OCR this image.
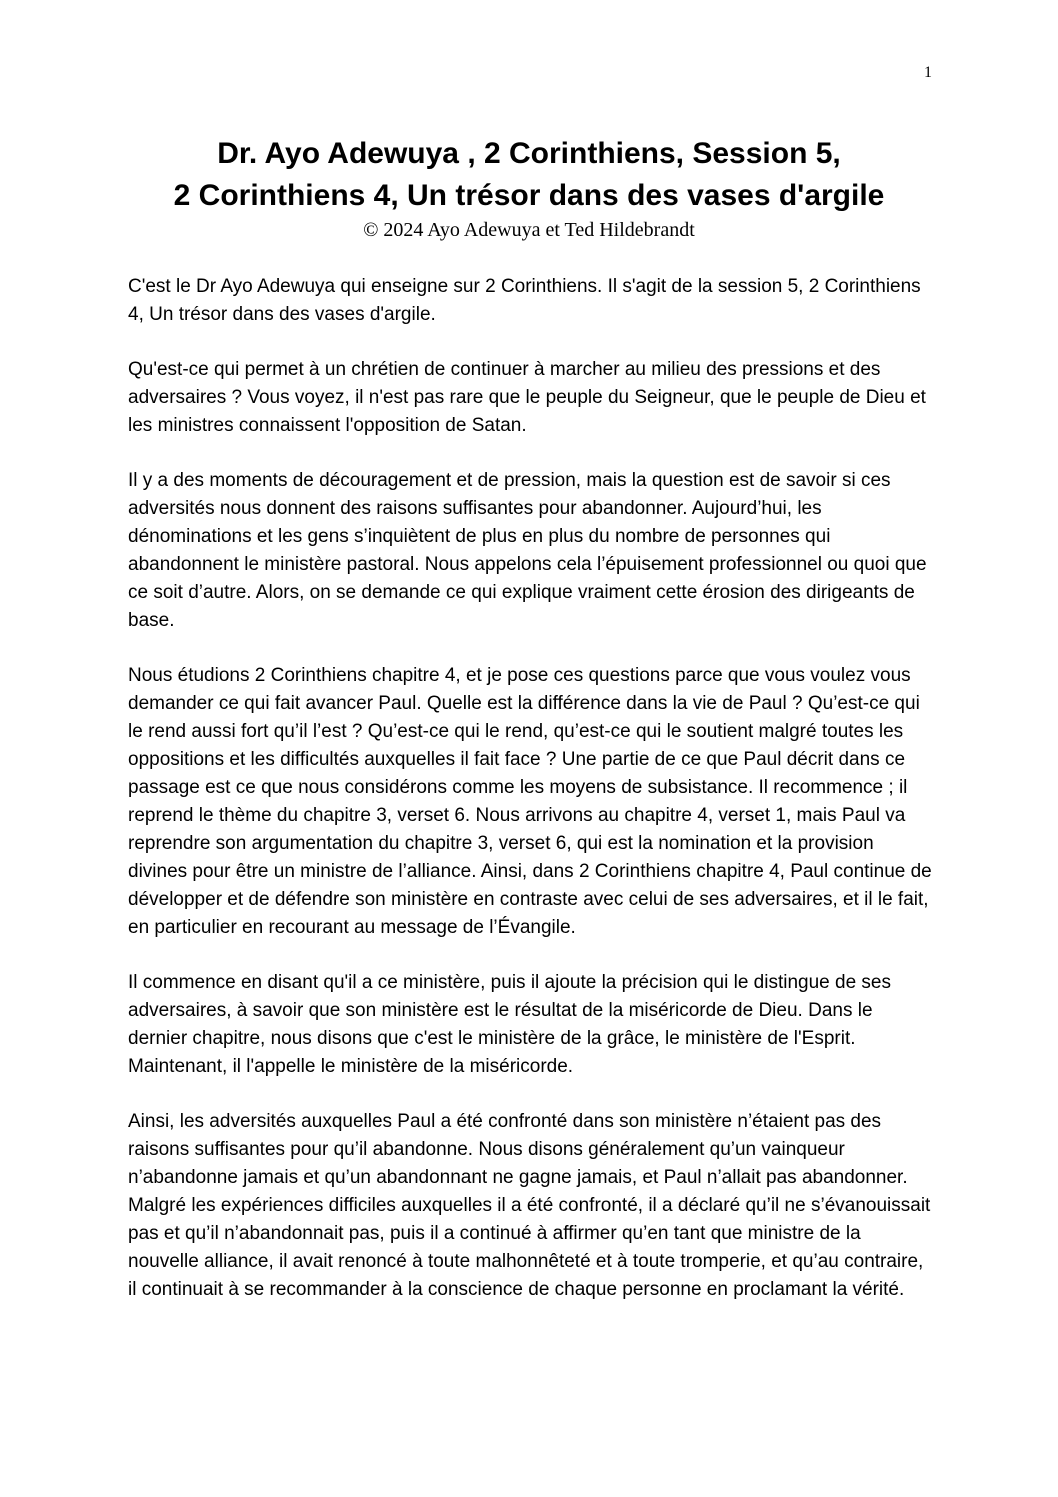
1
Dr. Ayo Adewuya , 2 Corinthiens, Session 5,
2 Corinthiens 4, Un trésor dans des vases d'argile

© 2024 Ayo Adewuya et Ted Hildebrandt

C'est le Dr Ayo Adewuya qui enseigne sur 2 Corinthiens. Il s'agit de la session 5, 2 Corinthiens 4, Un trésor dans des vases d'argile.

Qu'est-ce qui permet à un chrétien de continuer à marcher au milieu des pressions et des adversaires ? Vous voyez, il n'est pas rare que le peuple du Seigneur, que le peuple de Dieu et les ministres connaissent l'opposition de Satan.

Il y a des moments de découragement et de pression, mais la question est de savoir si ces adversités nous donnent des raisons suffisantes pour abandonner. Aujourd’hui, les dénominations et les gens s’inquiètent de plus en plus du nombre de personnes qui abandonnent le ministère pastoral. Nous appelons cela l’épuisement professionnel ou quoi que ce soit d’autre. Alors, on se demande ce qui explique vraiment cette érosion des dirigeants de base.

Nous étudions 2 Corinthiens chapitre 4, et je pose ces questions parce que vous voulez vous demander ce qui fait avancer Paul. Quelle est la différence dans la vie de Paul ? Qu’est-ce qui le rend aussi fort qu’il l’est ? Qu’est-ce qui le rend, qu’est-ce qui le soutient malgré toutes les oppositions et les difficultés auxquelles il fait face ? Une partie de ce que Paul décrit dans ce passage est ce que nous considérons comme les moyens de subsistance. Il recommence ; il reprend le thème du chapitre 3, verset 6. Nous arrivons au chapitre 4, verset 1, mais Paul va reprendre son argumentation du chapitre 3, verset 6, qui est la nomination et la provision divines pour être un ministre de l’alliance. Ainsi, dans 2 Corinthiens chapitre 4, Paul continue de développer et de défendre son ministère en contraste avec celui de ses adversaires, et il le fait, en particulier en recourant au message de l’Évangile.

Il commence en disant qu'il a ce ministère, puis il ajoute la précision qui le distingue de ses adversaires, à savoir que son ministère est le résultat de la miséricorde de Dieu. Dans le dernier chapitre, nous disons que c'est le ministère de la grâce, le ministère de l'Esprit. Maintenant, il l'appelle le ministère de la miséricorde.

Ainsi, les adversités auxquelles Paul a été confronté dans son ministère n’étaient pas des raisons suffisantes pour qu’il abandonne. Nous disons généralement qu’un vainqueur n’abandonne jamais et qu’un abandonnant ne gagne jamais, et Paul n’allait pas abandonner. Malgré les expériences difficiles auxquelles il a été confronté, il a déclaré qu’il ne s’évanouissait pas et qu’il n’abandonnait pas, puis il a continué à affirmer qu’en tant que ministre de la nouvelle alliance, il avait renoncé à toute malhonnêteté et à toute tromperie, et qu’au contraire, il continuait à se recommander à la conscience de chaque personne en proclamant la vérité.
